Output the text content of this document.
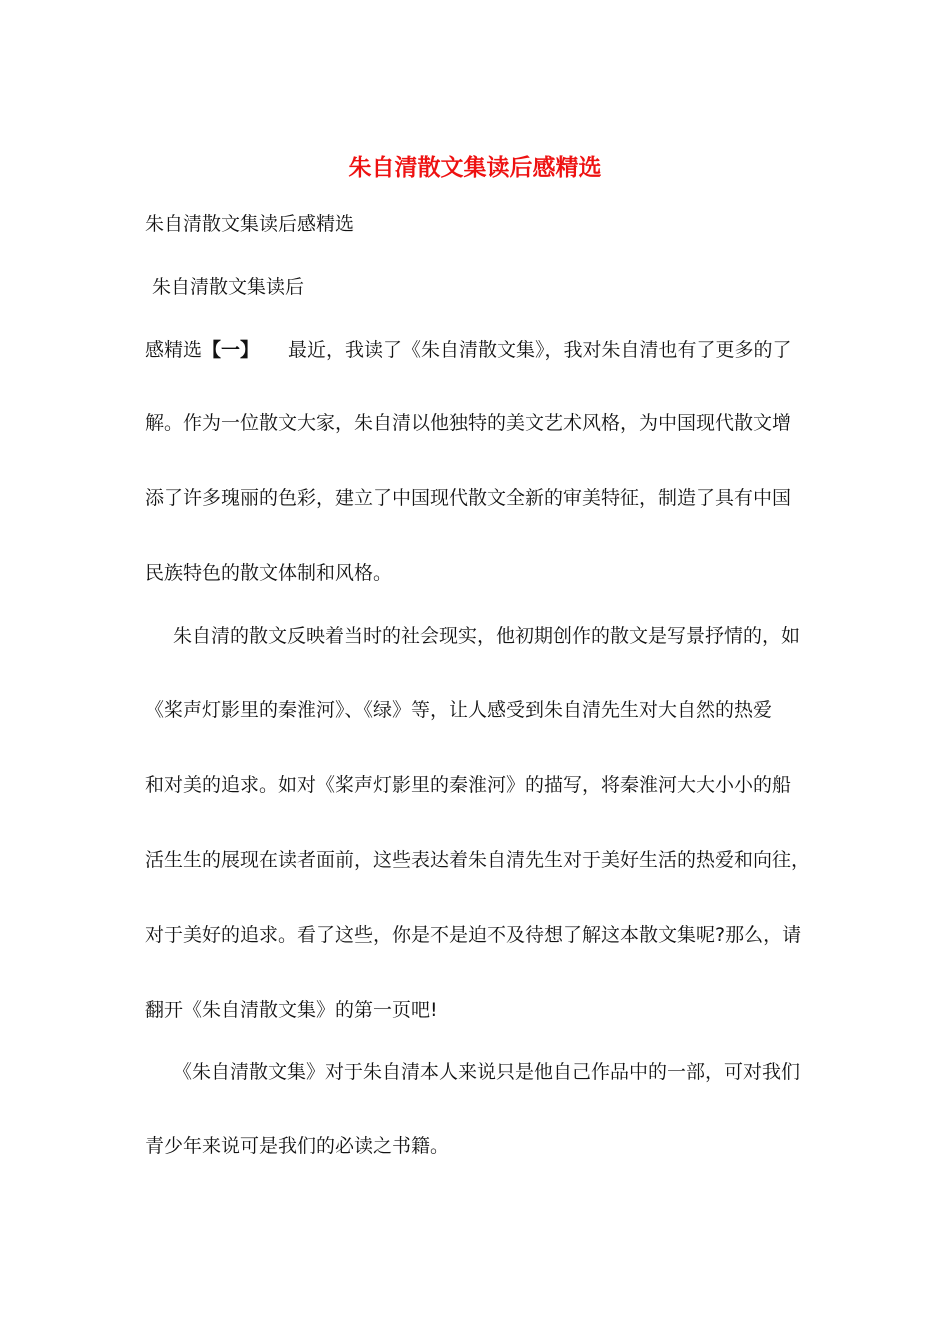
朱自清散文集读后感精选
朱自清散文集读后感精选
朱自清散文集读后
感精选 【一】 最近，我读了《朱自清散文集》，我对朱自清也有了更多的了
解。作为一位散文大家，朱自清以他独特的美文艺术风格，为中国现代散文增
添了许多瑰丽的色彩，建立了中国现代散文全新的审美特征，制造了具有中国
民族特色的散文体制和风格。
朱自清的散文反映着当时的社会现实，他初期创作的散文是写景抒情的，如
《桨声灯影里的秦淮河》、《绿》等，让人感受到朱自清先生对大自然的热爱
和对美的追求。如对《桨声灯影里的秦淮河》的描写，将秦淮河大大小小的船
活生生的展现在读者面前，这些表达着朱自清先生对于美好生活的热爱和向往，
对于美好的追求。看了这些，你是不是迫不及待想了解这本散文集呢?那么，请
翻开《朱自清散文集》的第一页吧!
《朱自清散文集》对于朱自清本人来说只是他自己作品中的一部，可对我们
青少年来说可是我们的必读之书籍。
